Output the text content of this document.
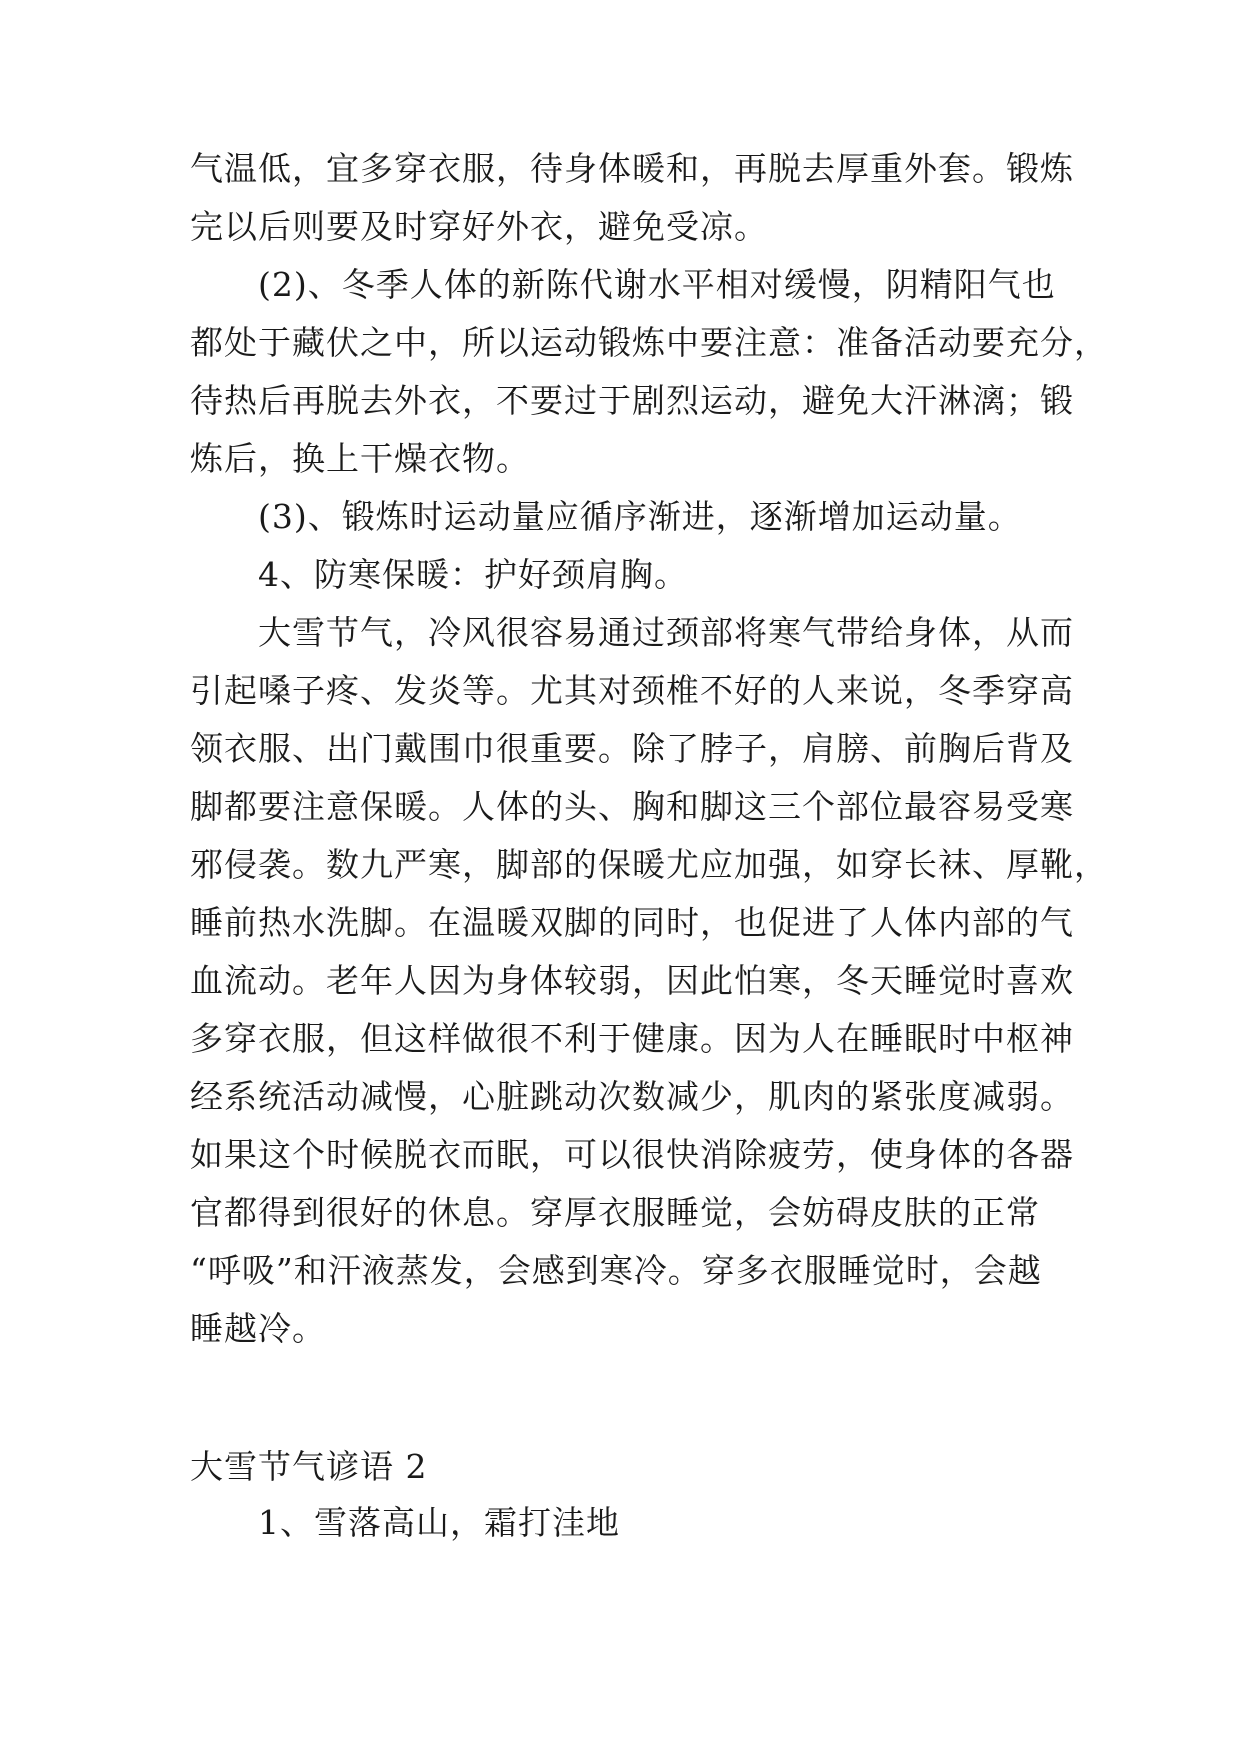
气温低，宜多穿衣服，待身体暖和，再脱去厚重外套。锻炼
完以后则要及时穿好外衣，避免受凉。
(2)、冬季人体的新陈代谢水平相对缓慢，阴精阳气也
都处于藏伏之中，所以运动锻炼中要注意：准备活动要充分，
待热后再脱去外衣，不要过于剧烈运动，避免大汗淋漓；锻
炼后，换上干燥衣物。
(3)、锻炼时运动量应循序渐进，逐渐增加运动量。
4、防寒保暖：护好颈肩胸。
大雪节气，冷风很容易通过颈部将寒气带给身体，从而
引起嗓子疼、发炎等。尤其对颈椎不好的人来说，冬季穿高
领衣服、出门戴围巾很重要。除了脖子，肩膀、前胸后背及
脚都要注意保暖。人体的头、胸和脚这三个部位最容易受寒
邪侵袭。数九严寒，脚部的保暖尤应加强，如穿长袜、厚靴，
睡前热水洗脚。在温暖双脚的同时，也促进了人体内部的气
血流动。老年人因为身体较弱，因此怕寒，冬天睡觉时喜欢
多穿衣服，但这样做很不利于健康。因为人在睡眠时中枢神
经系统活动减慢，心脏跳动次数减少，肌肉的紧张度减弱。
如果这个时候脱衣而眠，可以很快消除疲劳，使身体的各器
官都得到很好的休息。穿厚衣服睡觉，会妨碍皮肤的正常
“呼吸”和汗液蒸发，会感到寒冷。穿多衣服睡觉时，会越
睡越冷。
大雪节气谚语 2
1、雪落高山，霜打洼地
